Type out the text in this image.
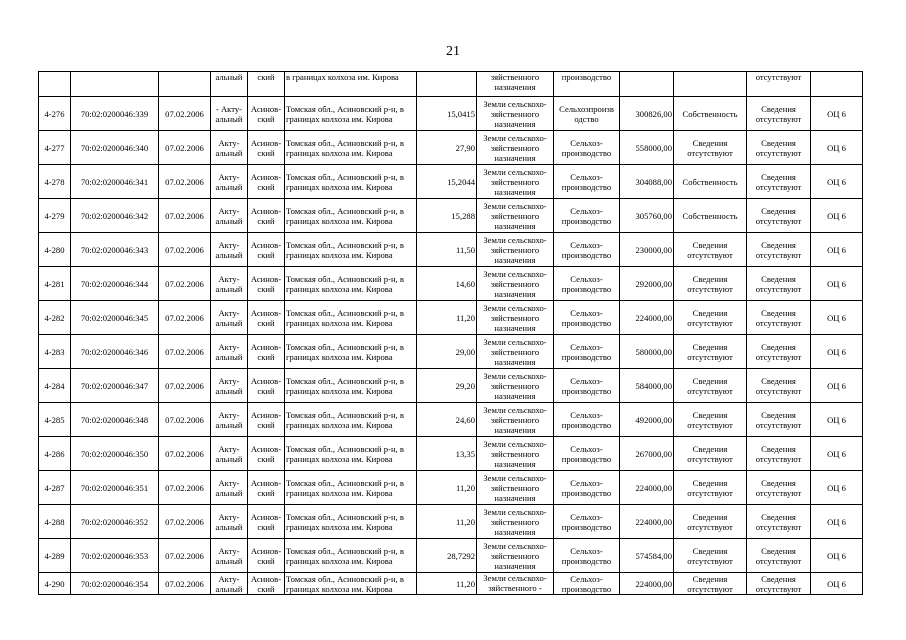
21
			альный	ский	в границах колхоза им. Кирова		зяйственного назначения	производство			отсутствуют	
4-276	70:02:0200046:339	07.02.2006	- Акту- альный	Асинов- ский	Томская обл., Асиновский р-н, в границах колхоза им. Кирова	15,0415	Земли сельскохо- зяйственного назначения	Сельхозпроизв одство	300826,00	Собственность	Сведения отсутствуют	ОЦ 6
4-277	70:02:0200046:340	07.02.2006	Акту- альный	Асинов- ский	Томская обл., Асиновский р-н, в границах колхоза им. Кирова	27,90	Земли сельскохо- зяйственного назначения	Сельхоз- производство	558000,00	Сведения отсутствуют	Сведения отсутствуют	ОЦ 6
4-278	70:02:0200046:341	07.02.2006	Акту- альный	Асинов- ский	Томская обл., Асиновский р-н, в границах колхоза им. Кирова	15,2044	Земли сельскохо- зяйственного назначения	Сельхоз- производство	304088,00	Собственность	Сведения отсутствуют	ОЦ 6
4-279	70:02:0200046:342	07.02.2006	Акту- альный	Асинов- ский	Томская обл., Асиновский р-н, в границах колхоза им. Кирова	15,288	Земли сельскохо- зяйственного назначения	Сельхоз- производство	305760,00	Собственность	Сведения отсутствуют	ОЦ 6
4-280	70:02:0200046:343	07.02.2006	Акту- альный	Асинов- ский	Томская обл., Асиновский р-н, в границах колхоза им. Кирова	11,50	Земли сельскохо- зяйственного назначения	Сельхоз- производство	230000,00	Сведения отсутствуют	Сведения отсутствуют	ОЦ 6
4-281	70:02:0200046:344	07.02.2006	Акту- альный	Асинов- ский	Томская обл., Асиновский р-н, в границах колхоза им. Кирова	14,60	Земли сельскохо- зяйственного назначения	Сельхоз- производство	292000,00	Сведения отсутствуют	Сведения отсутствуют	ОЦ 6
4-282	70:02:0200046:345	07.02.2006	Акту- альный	Асинов- ский	Томская обл., Асиновский р-н, в границах колхоза им. Кирова	11,20	Земли сельскохо- зяйственного назначения	Сельхоз- производство	224000,00	Сведения отсутствуют	Сведения отсутствуют	ОЦ 6
4-283	70:02:0200046:346	07.02.2006	Акту- альный	Асинов- ский	Томская обл., Асиновский р-н, в границах колхоза им. Кирова	29,00	Земли сельскохо- зяйственного назначения	Сельхоз- производство	580000,00	Сведения отсутствуют	Сведения отсутствуют	ОЦ 6
4-284	70:02:0200046:347	07.02.2006	Акту- альный	Асинов- ский	Томская обл., Асиновский р-н, в границах колхоза им. Кирова	29,20	Земли сельскохо- зяйственного назначения	Сельхоз- производство	584000,00	Сведения отсутствуют	Сведения отсутствуют	ОЦ 6
4-285	70:02:0200046:348	07.02.2006	Акту- альный	Асинов- ский	Томская обл., Асиновский р-н, в границах колхоза им. Кирова	24,60	Земли сельскохо- зяйственного назначения	Сельхоз- производство	492000,00	Сведения отсутствуют	Сведения отсутствуют	ОЦ 6
4-286	70:02:0200046:350	07.02.2006	Акту- альный	Асинов- ский	Томская обл., Асиновский р-н, в границах колхоза им. Кирова	13,35	Земли сельскохо- зяйственного назначения	Сельхоз- производство	267000,00	Сведения отсутствуют	Сведения отсутствуют	ОЦ 6
4-287	70:02:0200046:351	07.02.2006	Акту- альный	Асинов- ский	Томская обл., Асиновский р-н, в границах колхоза им. Кирова	11,20	Земли сельскохо- зяйственного назначения	Сельхоз- производство	224000,00	Сведения отсутствуют	Сведения отсутствуют	ОЦ 6
4-288	70:02:0200046:352	07.02.2006	Акту- альный	Асинов- ский	Томская обл., Асиновский р-н, в границах колхоза им. Кирова	11,20	Земли сельскохо- зяйственного назначения	Сельхоз- производство	224000,00	Сведения отсутствуют	Сведения отсутствуют	ОЦ 6
4-289	70:02:0200046:353	07.02.2006	Акту- альный	Асинов- ский	Томская обл., Асиновский р-н, в границах колхоза им. Кирова	28,7292	Земли сельскохо- зяйственного назначения	Сельхоз- производство	574584,00	Сведения отсутствуют	Сведения отсутствуют	ОЦ 6
4-290	70:02:0200046:354	07.02.2006	Акту- альный	Асинов- ский	Томская обл., Асиновский р-н, в границах колхоза им. Кирова	11,20	Земли сельскохо- зяйственного -	Сельхоз- производство	224000,00	Сведения отсутствуют	Сведения отсутствуют	ОЦ 6
